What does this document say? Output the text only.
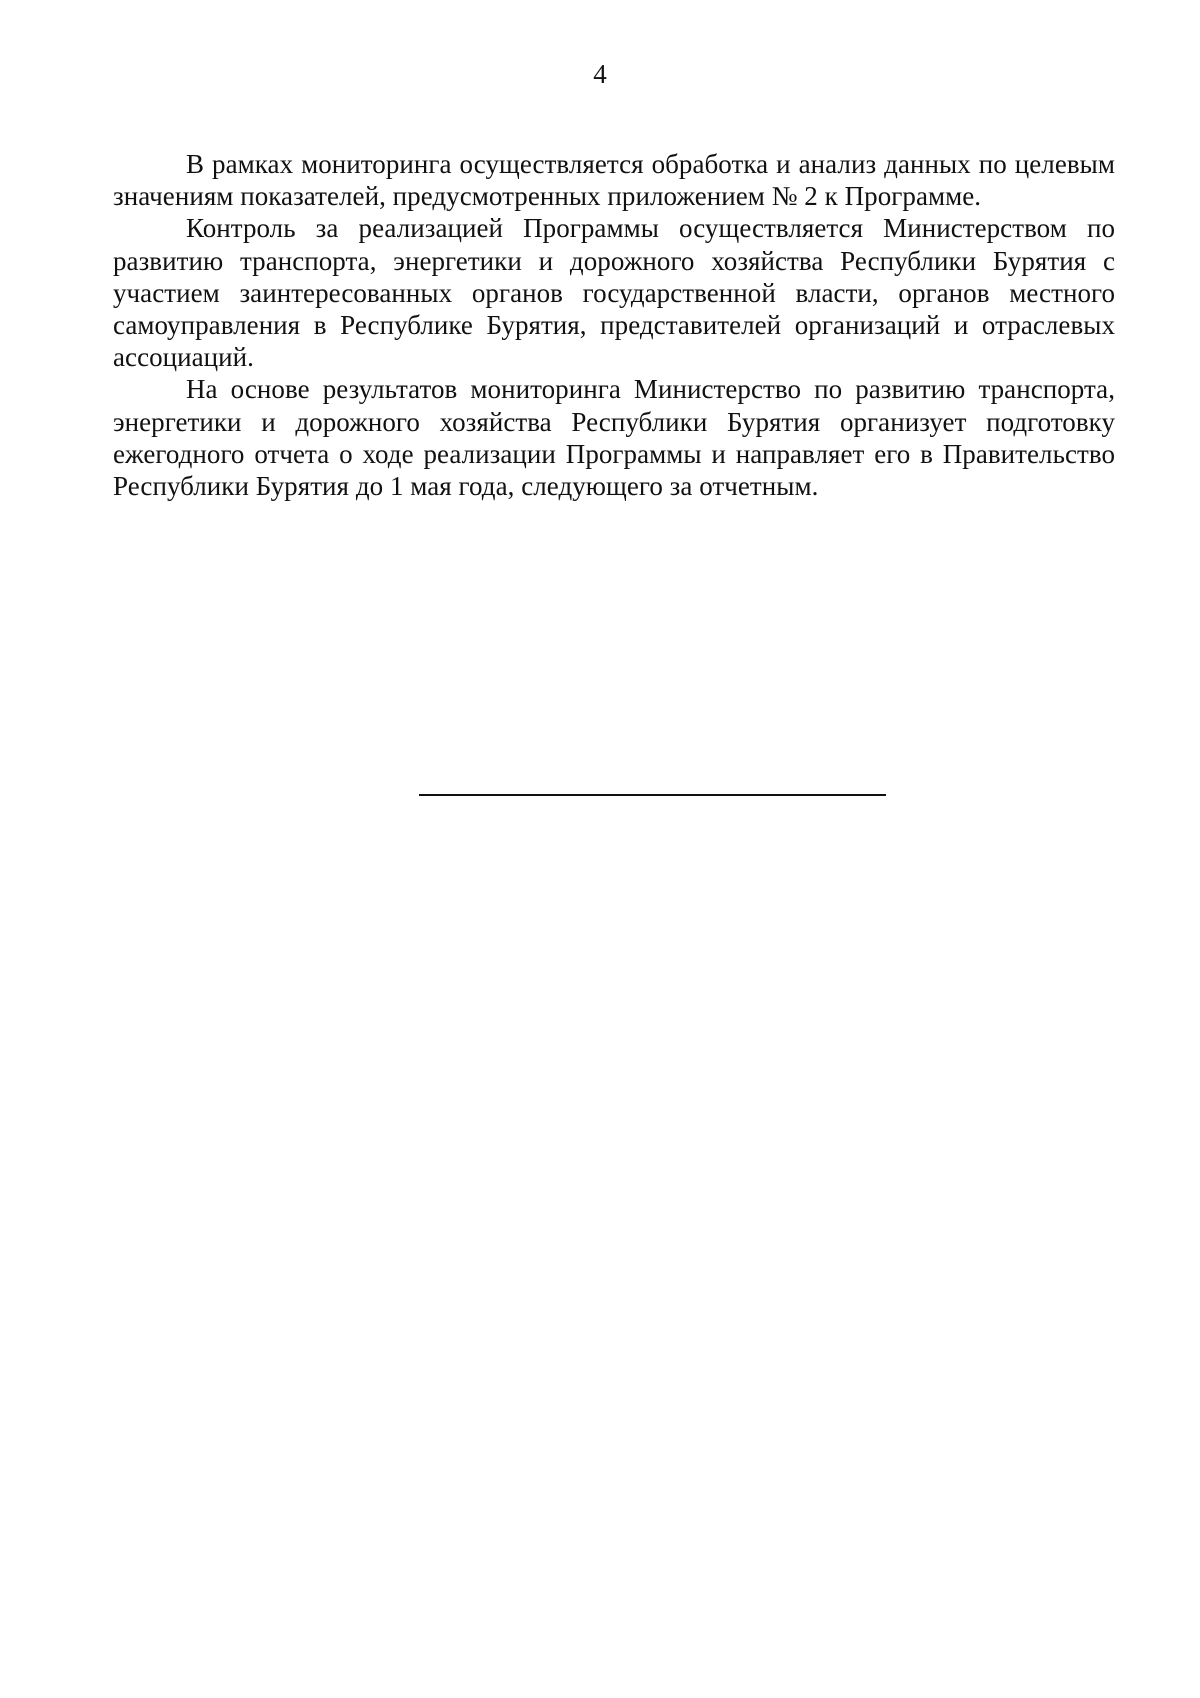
4

В рамках мониторинга осуществляется обработка и анализ данных по целевым значениям показателей, предусмотренных приложением № 2 к Программе.

Контроль за реализацией Программы осуществляется Министерством по развитию транспорта, энергетики и дорожного хозяйства Республики Бурятия с участием заинтересованных органов государственной власти, органов местного самоуправления в Республике Бурятия, представителей организаций и отраслевых ассоциаций.

На основе результатов мониторинга Министерство по развитию транспорта, энергетики и дорожного хозяйства Республики Бурятия организует подготовку ежегодного отчета о ходе реализации Программы и направляет его в Правительство Республики Бурятия до 1 мая года, следующего за отчетным.
